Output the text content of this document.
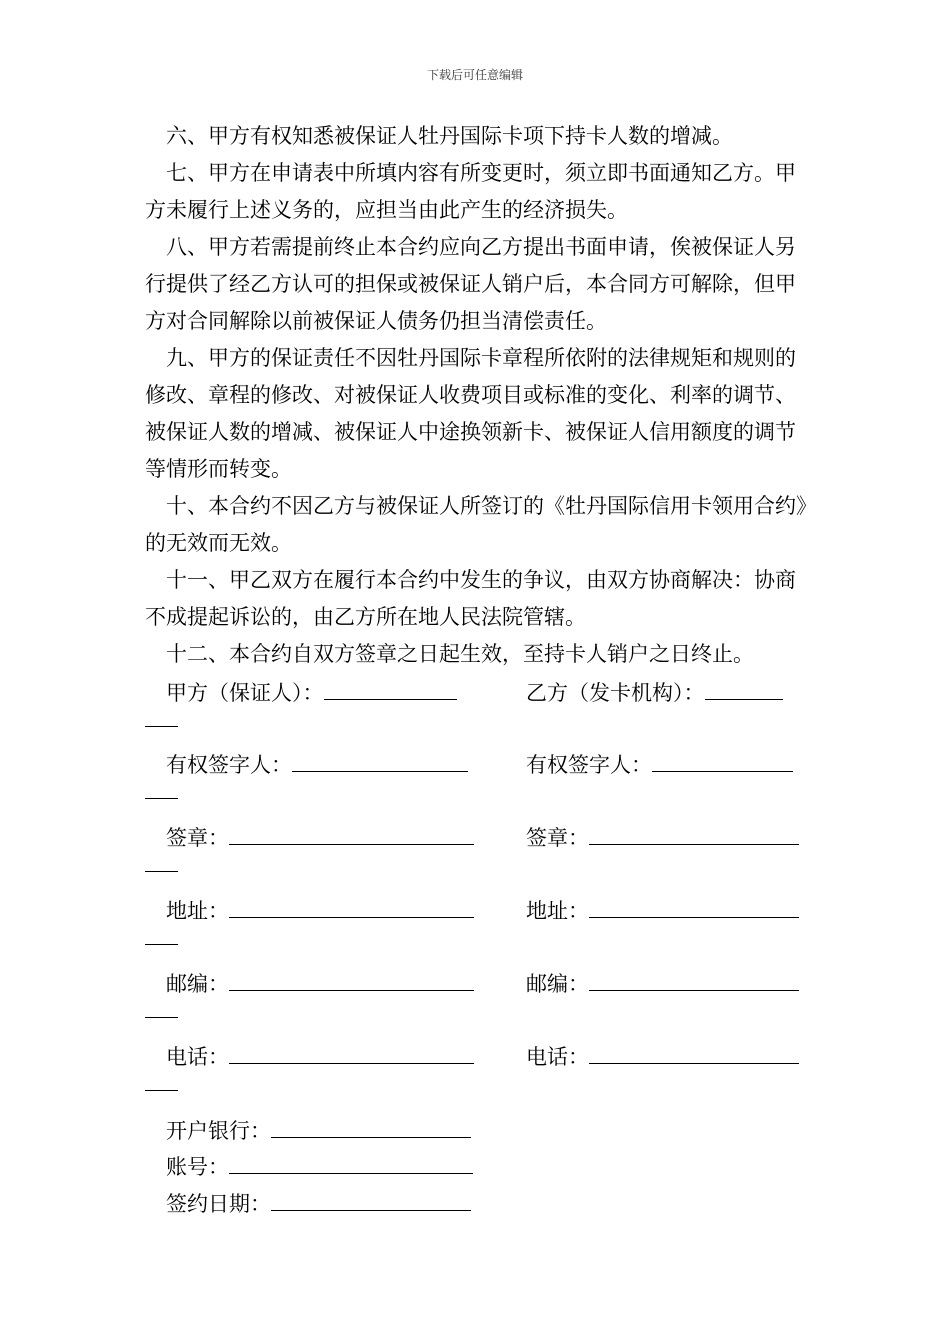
下载后可任意编辑

六、甲方有权知悉被保证人牡丹国际卡项下持卡人数的增减。

七、甲方在申请表中所填内容有所变更时，须立即书面通知乙方。甲方未履行上述义务的，应担当由此产生的经济损失。

八、甲方若需提前终止本合约应向乙方提出书面申请，俟被保证人另行提供了经乙方认可的担保或被保证人销户后，本合同方可解除，但甲方对合同解除以前被保证人债务仍担当清偿责任。

九、甲方的保证责任不因牡丹国际卡章程所依附的法律规矩和规则的修改、章程的修改、对被保证人收费项目或标准的变化、利率的调节、被保证人数的增减、被保证人中途换领新卡、被保证人信用额度的调节等情形而转变。

十、本合约不因乙方与被保证人所签订的《牡丹国际信用卡领用合约》的无效而无效。

十一、甲乙双方在履行本合约中发生的争议，由双方协商解决：协商不成提起诉讼的，由乙方所在地人民法院管辖。

十二、本合约自双方签章之日起生效，至持卡人销户之日终止。

甲方（保证人）：	乙方（发卡机构）：
有权签字人：	有权签字人：
签章：	签章：
地址：	地址：
邮编：	邮编：
电话：	电话：
开户银行：
账号：
签约日期：
